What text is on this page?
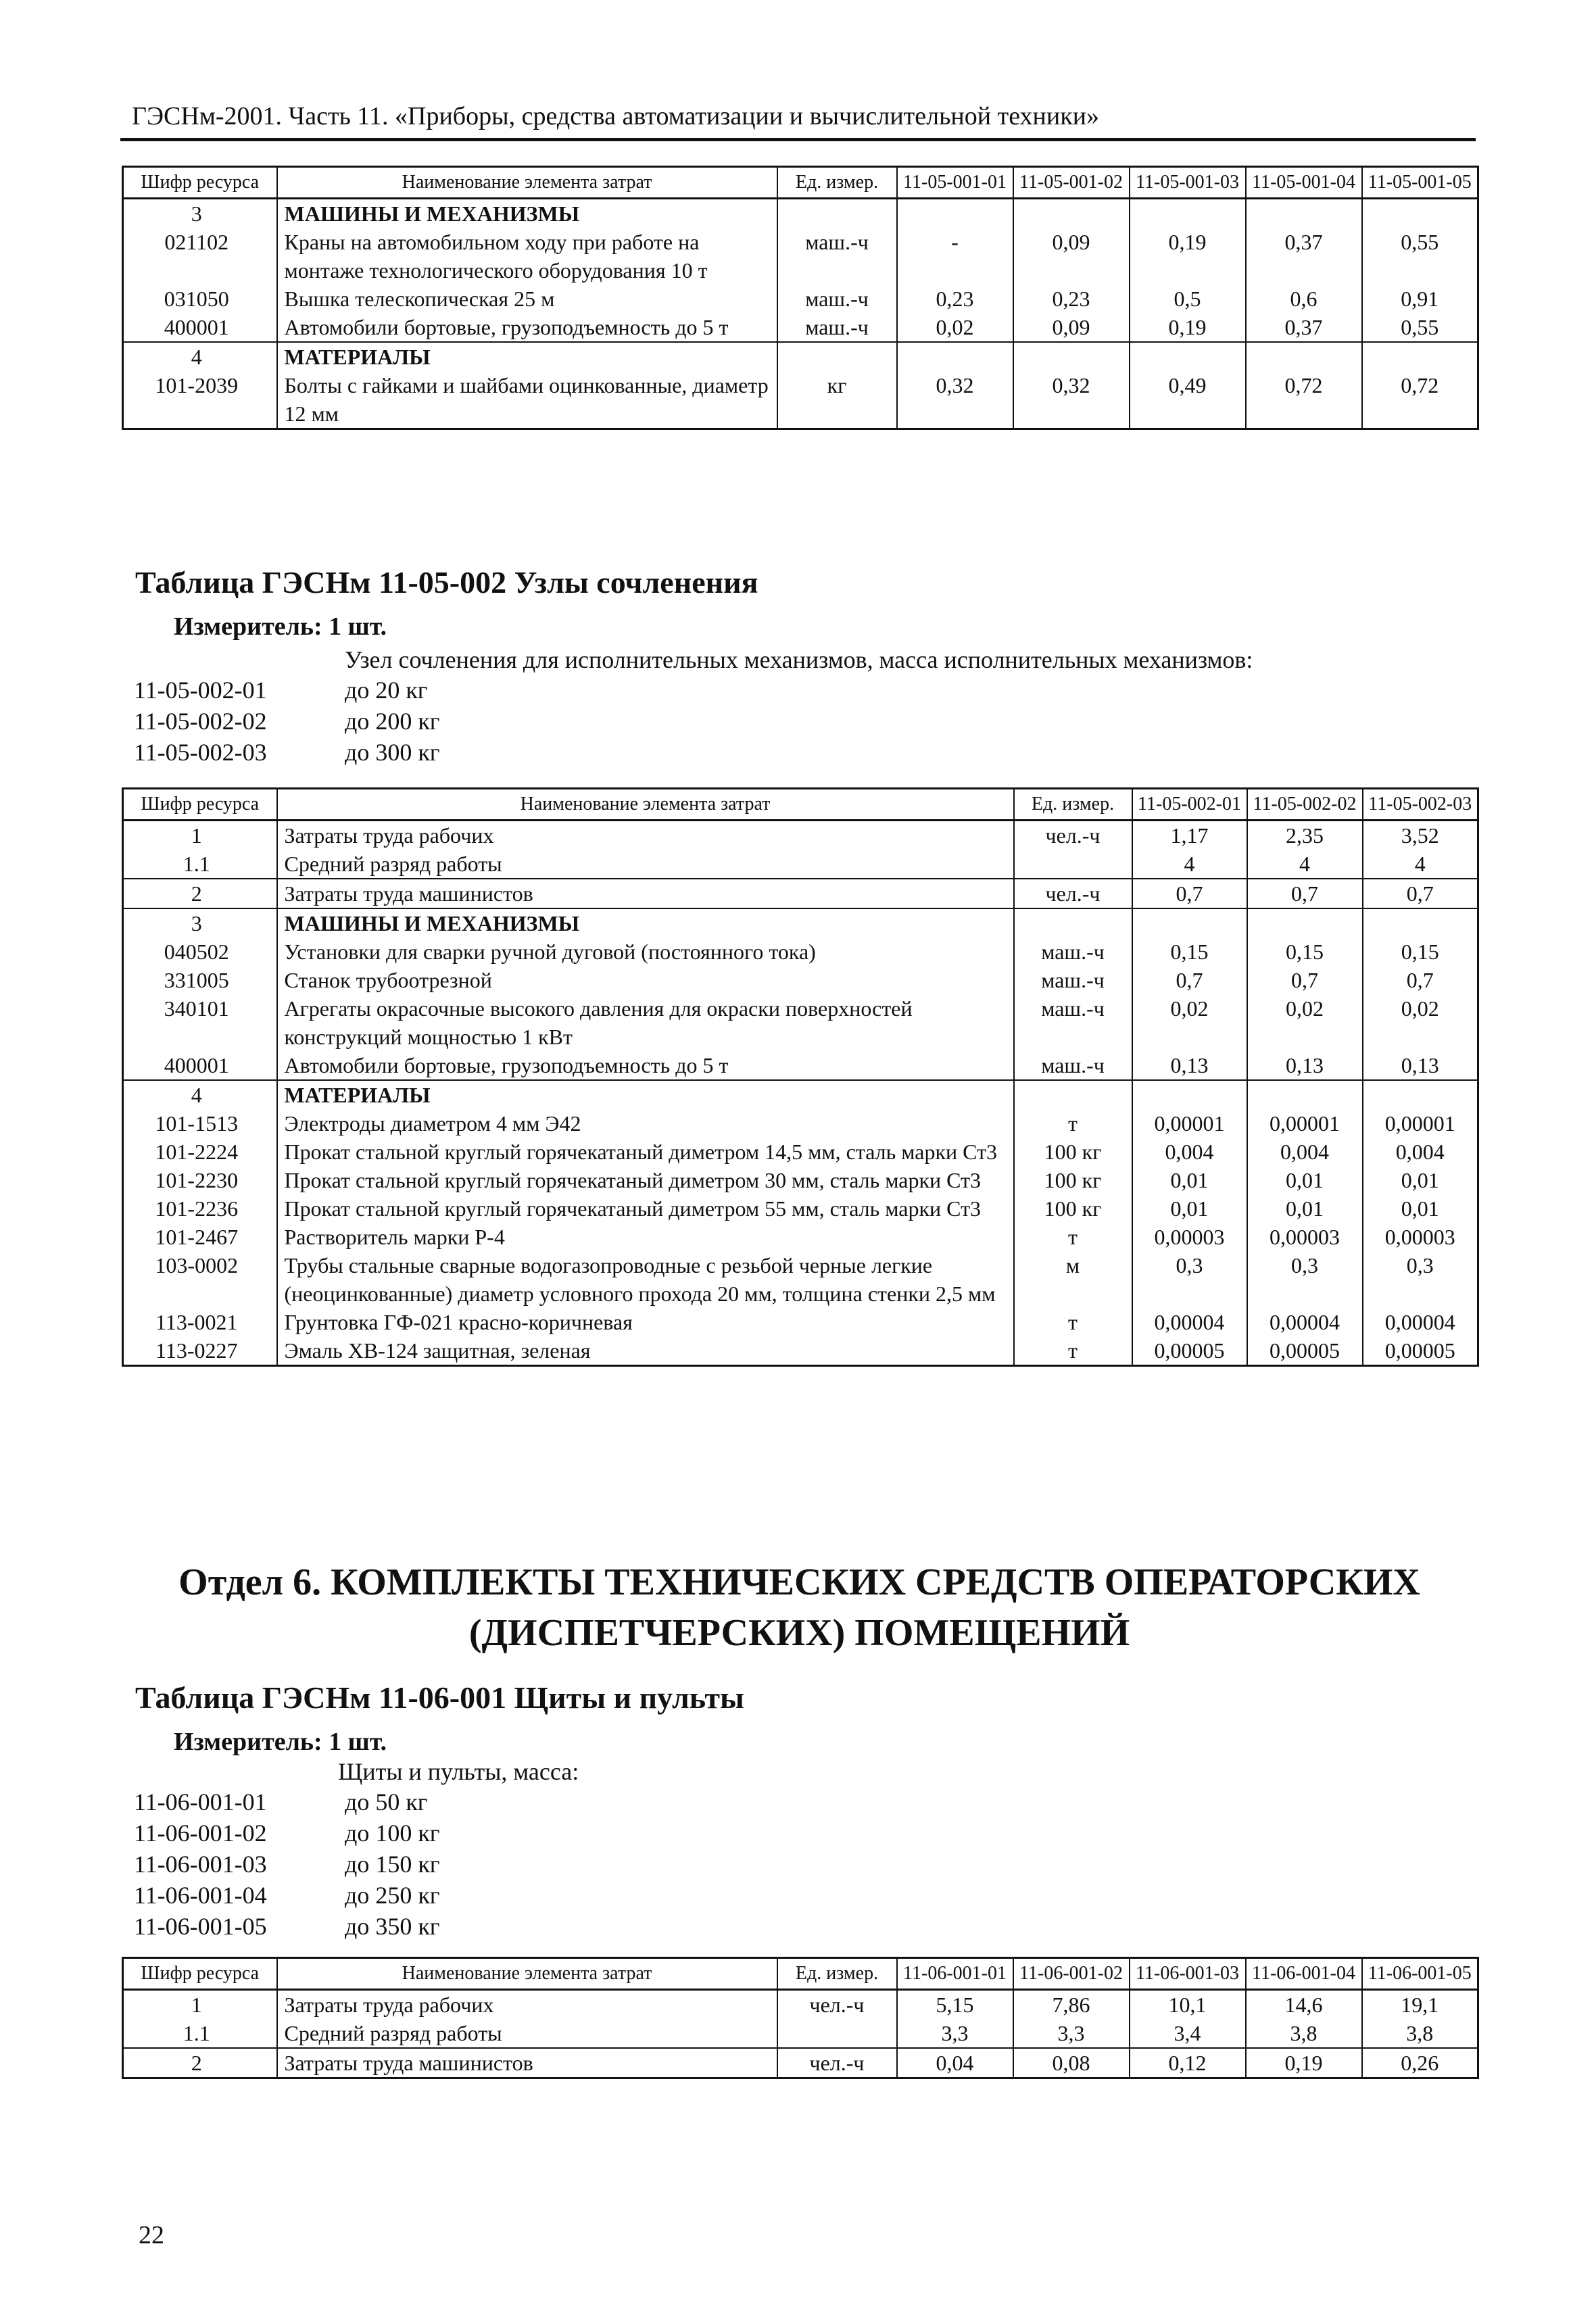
ГЭСНм-2001. Часть 11. «Приборы, средства автоматизации и вычислительной техники»
Шифр ресурса	Наименование элемента затрат	Ед. измер.	11-05-001-01	11-05-001-02	11-05-001-03	11-05-001-04	11-05-001-05
3	МАШИНЫ И МЕХАНИЗМЫ						
021102	Краны на автомобильном ходу при работе на монтаже технологического оборудования 10 т	маш.-ч	-	0,09	0,19	0,37	0,55
031050	Вышка телескопическая 25 м	маш.-ч	0,23	0,23	0,5	0,6	0,91
400001	Автомобили бортовые, грузоподъемность до 5 т	маш.-ч	0,02	0,09	0,19	0,37	0,55
4	МАТЕРИАЛЫ						
101-2039	Болты с гайками и шайбами оцинкованные, диаметр 12 мм	кг	0,32	0,32	0,49	0,72	0,72
Таблица ГЭСНм 11-05-002 Узлы сочленения
Измеритель: 1 шт.
Узел сочленения для исполнительных механизмов, масса исполнительных механизмов:
11-05-002-01	до 20 кг
11-05-002-02	до 200 кг
11-05-002-03	до 300 кг
Шифр ресурса	Наименование элемента затрат	Ед. измер.	11-05-002-01	11-05-002-02	11-05-002-03
1	Затраты труда рабочих	чел.-ч	1,17	2,35	3,52
1.1	Средний разряд работы		4	4	4
2	Затраты труда машинистов	чел.-ч	0,7	0,7	0,7
3	МАШИНЫ И МЕХАНИЗМЫ				
040502	Установки для сварки ручной дуговой (постоянного тока)	маш.-ч	0,15	0,15	0,15
331005	Станок трубоотрезной	маш.-ч	0,7	0,7	0,7
340101	Агрегаты окрасочные высокого давления для окраски поверхностей конструкций мощностью 1 кВт	маш.-ч	0,02	0,02	0,02
400001	Автомобили бортовые, грузоподъемность до 5 т	маш.-ч	0,13	0,13	0,13
4	МАТЕРИАЛЫ				
101-1513	Электроды диаметром 4 мм Э42	т	0,00001	0,00001	0,00001
101-2224	Прокат стальной круглый горячекатаный диметром 14,5 мм, сталь марки Ст3	100 кг	0,004	0,004	0,004
101-2230	Прокат стальной круглый горячекатаный диметром 30 мм, сталь марки Ст3	100 кг	0,01	0,01	0,01
101-2236	Прокат стальной круглый горячекатаный диметром 55 мм, сталь марки Ст3	100 кг	0,01	0,01	0,01
101-2467	Растворитель марки Р-4	т	0,00003	0,00003	0,00003
103-0002	Трубы стальные сварные водогазопроводные с резьбой черные легкие (неоцинкованные) диаметр условного прохода 20 мм, толщина стенки 2,5 мм	м	0,3	0,3	0,3
113-0021	Грунтовка ГФ-021 красно-коричневая	т	0,00004	0,00004	0,00004
113-0227	Эмаль ХВ-124 защитная, зеленая	т	0,00005	0,00005	0,00005
Отдел 6. КОМПЛЕКТЫ ТЕХНИЧЕСКИХ СРЕДСТВ ОПЕРАТОРСКИХ
(ДИСПЕТЧЕРСКИХ) ПОМЕЩЕНИЙ
Таблица ГЭСНм 11-06-001 Щиты и пульты
Измеритель: 1 шт.
Щиты и пульты, масса:
11-06-001-01	до 50 кг
11-06-001-02	до 100 кг
11-06-001-03	до 150 кг
11-06-001-04	до 250 кг
11-06-001-05	до 350 кг
Шифр ресурса	Наименование элемента затрат	Ед. измер.	11-06-001-01	11-06-001-02	11-06-001-03	11-06-001-04	11-06-001-05
1	Затраты труда рабочих	чел.-ч	5,15	7,86	10,1	14,6	19,1
1.1	Средний разряд работы		3,3	3,3	3,4	3,8	3,8
2	Затраты труда машинистов	чел.-ч	0,04	0,08	0,12	0,19	0,26
22
